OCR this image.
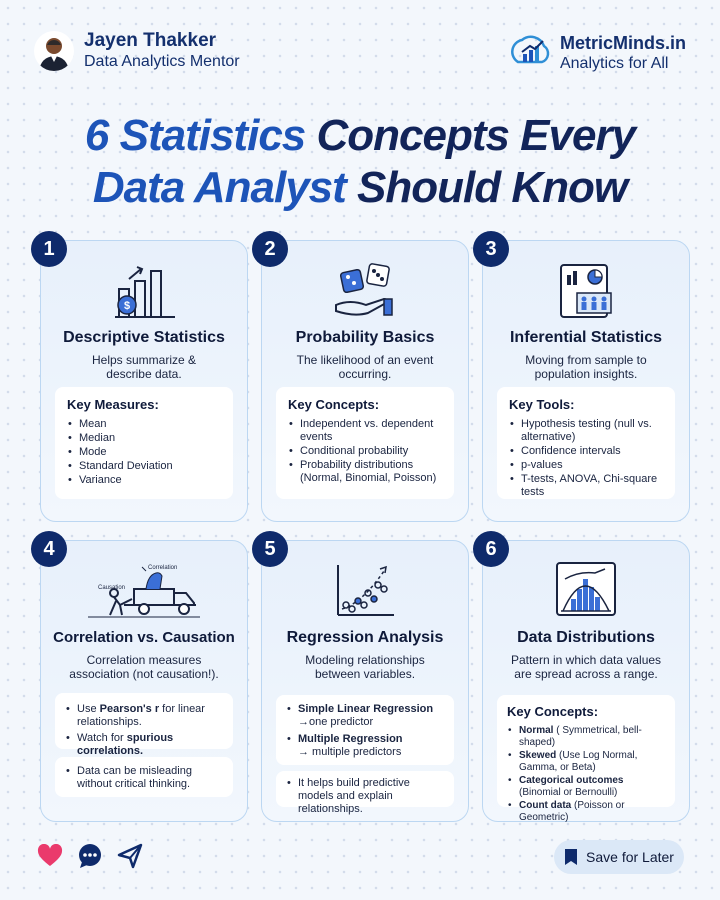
Jayen Thakker
Data Analytics Mentor
MetricMinds.in
Analytics for All
6 Statistics Concepts Every
Data Analyst Should Know
1
$
Descriptive Statistics
Helps summarize & describe data.
Key Measures:
• Mean
• Median
• Mode
• Standard Deviation
• Variance
2
Probability Basics
The likelihood of an event occurring.
Key Concepts:
• Independent vs. dependent events
• Conditional probability
• Probability distributions (Normal, Binomial, Poisson)
3
Inferential Statistics
Moving from sample to population insights.
Key Tools:
• Hypothesis testing (null vs. alternative)
• Confidence intervals
• p-values
• T-tests, ANOVA, Chi-square tests
4
Correlation
Causation
Correlation vs. Causation
Correlation measures association (not causation!).
• Use Pearson's r for linear relationships.
• Watch for spurious correlations.
• Data can be misleading without critical thinking.
5
Regression Analysis
Modeling relationships between variables.
• Simple Linear Regression
→one predictor
• Multiple Regression
→ multiple predictors
• It helps build predictive models and explain relationships.
6
Data Distributions
Pattern in which data values are spread across a range.
Key Concepts:
• Normal ( Symmetrical, bell-shaped)
• Skewed (Use Log Normal, Gamma, or Beta)
• Categorical outcomes (Binomial or Bernoulli)
• Count data (Poisson or Geometric)
Save for Later
